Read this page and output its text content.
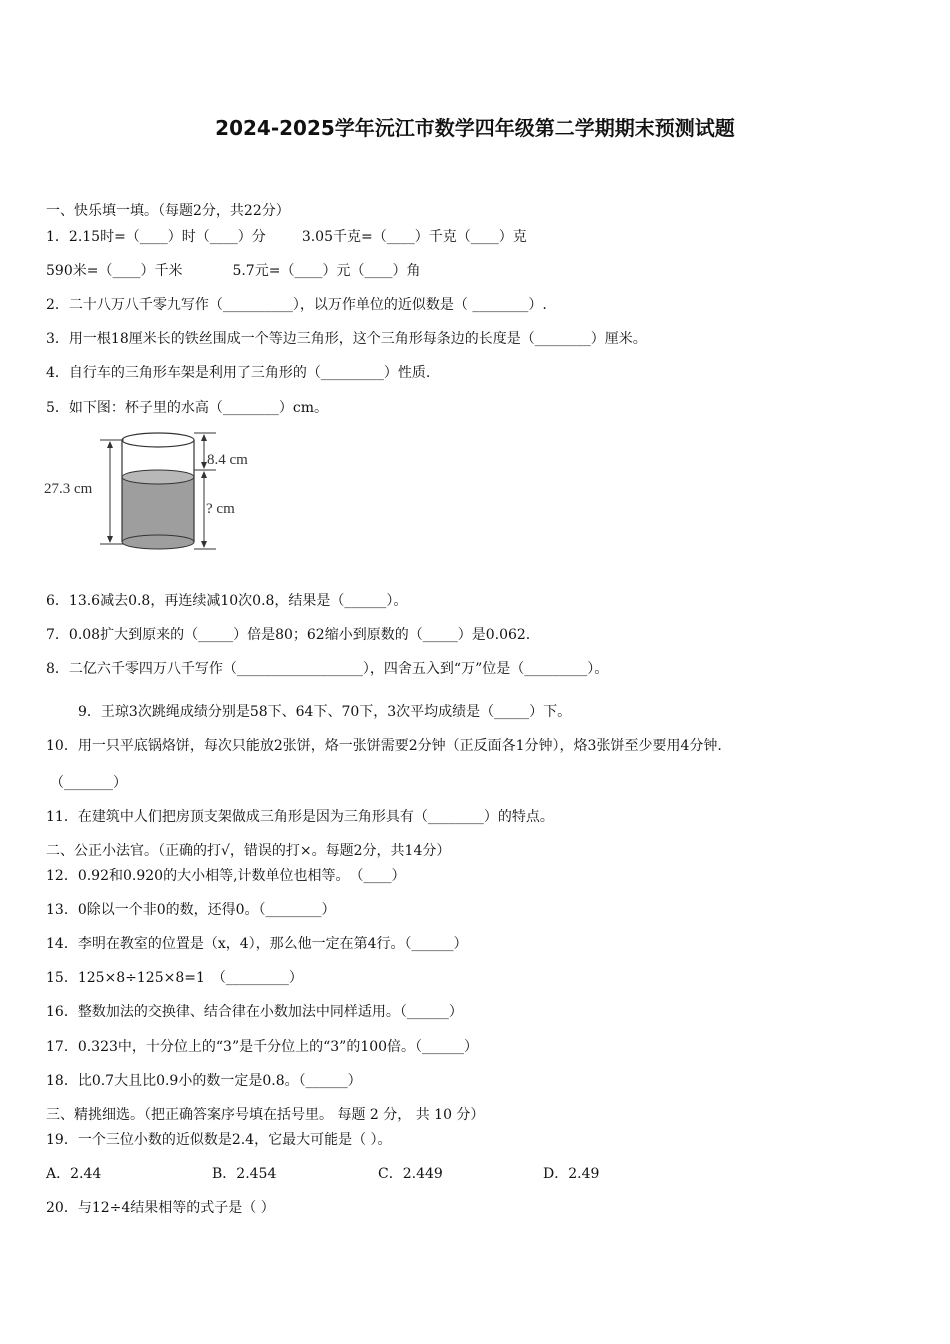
2024-2025学年沅江市数学四年级第二学期期末预测试题
一、快乐填一填。（每题2分，共22分）
1．2.15时=（____）时（____）分	3.05千克=（____）千克（____）克
590米=（____）千米	5.7元=（____）元（____）角
2．二十八万八千零九写作（__________），以万作单位的近似数是（ ________）.
3．用一根18厘米长的铁丝围成一个等边三角形，这个三角形每条边的长度是（________）厘米。
4．自行车的三角形车架是利用了三角形的（_________）性质.
5．如下图：杯子里的水高（________）cm。
27.3 cm
8.4 cm
? cm
6．13.6减去0.8，再连续减10次0.8，结果是（______）。
7．0.08扩大到原来的（_____）倍是80；62缩小到原数的（_____）是0.062.
8．二亿六千零四万八千写作（__________________），四舍五入到“万”位是（_________）。
9．王琼3次跳绳成绩分别是58下、64下、70下，3次平均成绩是（_____）下。
10．用一只平底锅烙饼，每次只能放2张饼，烙一张饼需要2分钟（正反面各1分钟），烙3张饼至少要用4分钟.
（_______）
11．在建筑中人们把房顶支架做成三角形是因为三角形具有（________）的特点。
二、公正小法官。（正确的打√，错误的打×。每题2分，共14分）
12．0.92和0.920的大小相等,计数单位也相等。　（____）
13．0除以一个非0的数，还得0。（________）
14．李明在教室的位置是（x，4），那么他一定在第4行。（______）
15．125×8÷125×8=1　（_________）
16．整数加法的交换律、结合律在小数加法中同样适用。（______）
17．0.323中，十分位上的“3”是千分位上的“3”的100倍。（______）
18．比0.7大且比0.9小的数一定是0.8。（______）
三、精挑细选。（把正确答案序号填在括号里。 每题 2 分， 共 10 分）
19．一个三位小数的近似数是2.4，它最大可能是（ ）。
A．2.44	B．2.454	C．2.449	D．2.49
20．与12÷4结果相等的式子是（ ）
